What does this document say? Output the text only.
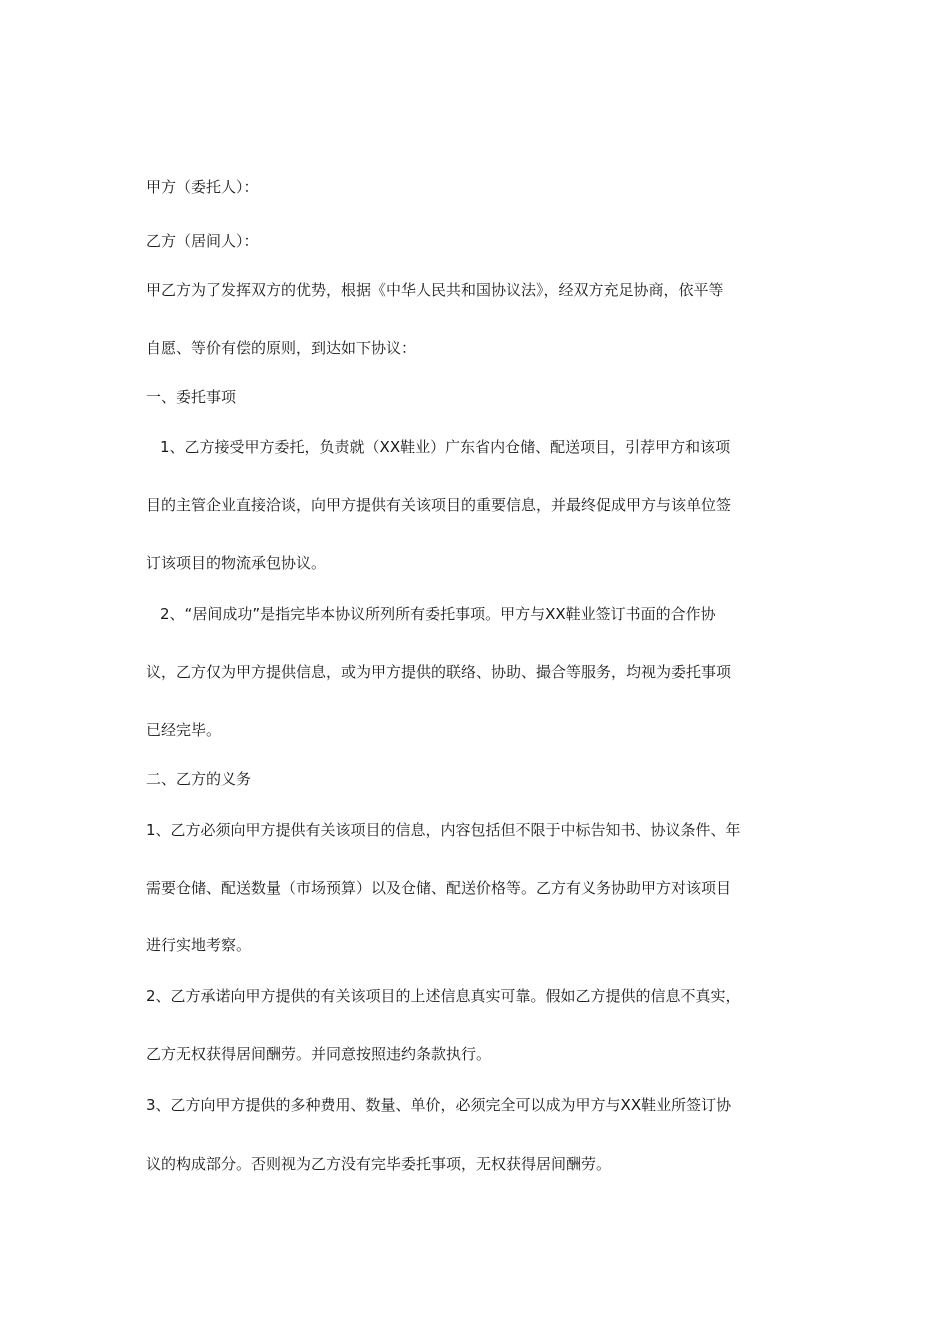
甲方（委托人）：
乙方（居间人）：
甲乙方为了发挥双方的优势，根据《中华人民共和国协议法》，经双方充足协商，依平等
自愿、等价有偿的原则，到达如下协议：
一、委托事项
1、乙方接受甲方委托，负责就（XX鞋业）广东省内仓储、配送项目，引荐甲方和该项
目的主管企业直接洽谈，向甲方提供有关该项目的重要信息，并最终促成甲方与该单位签
订该项目的物流承包协议。
2、“居间成功”是指完毕本协议所列所有委托事项。甲方与XX鞋业签订书面的合作协
议，乙方仅为甲方提供信息，或为甲方提供的联络、协助、撮合等服务，均视为委托事项
已经完毕。
二、乙方的义务
1、乙方必须向甲方提供有关该项目的信息，内容包括但不限于中标告知书、协议条件、年
需要仓储、配送数量（市场预算）以及仓储、配送价格等。乙方有义务协助甲方对该项目
进行实地考察。
2、乙方承诺向甲方提供的有关该项目的上述信息真实可靠。假如乙方提供的信息不真实，
乙方无权获得居间酬劳。并同意按照违约条款执行。
3、乙方向甲方提供的多种费用、数量、单价，必须完全可以成为甲方与XX鞋业所签订协
议的构成部分。否则视为乙方没有完毕委托事项，无权获得居间酬劳。
